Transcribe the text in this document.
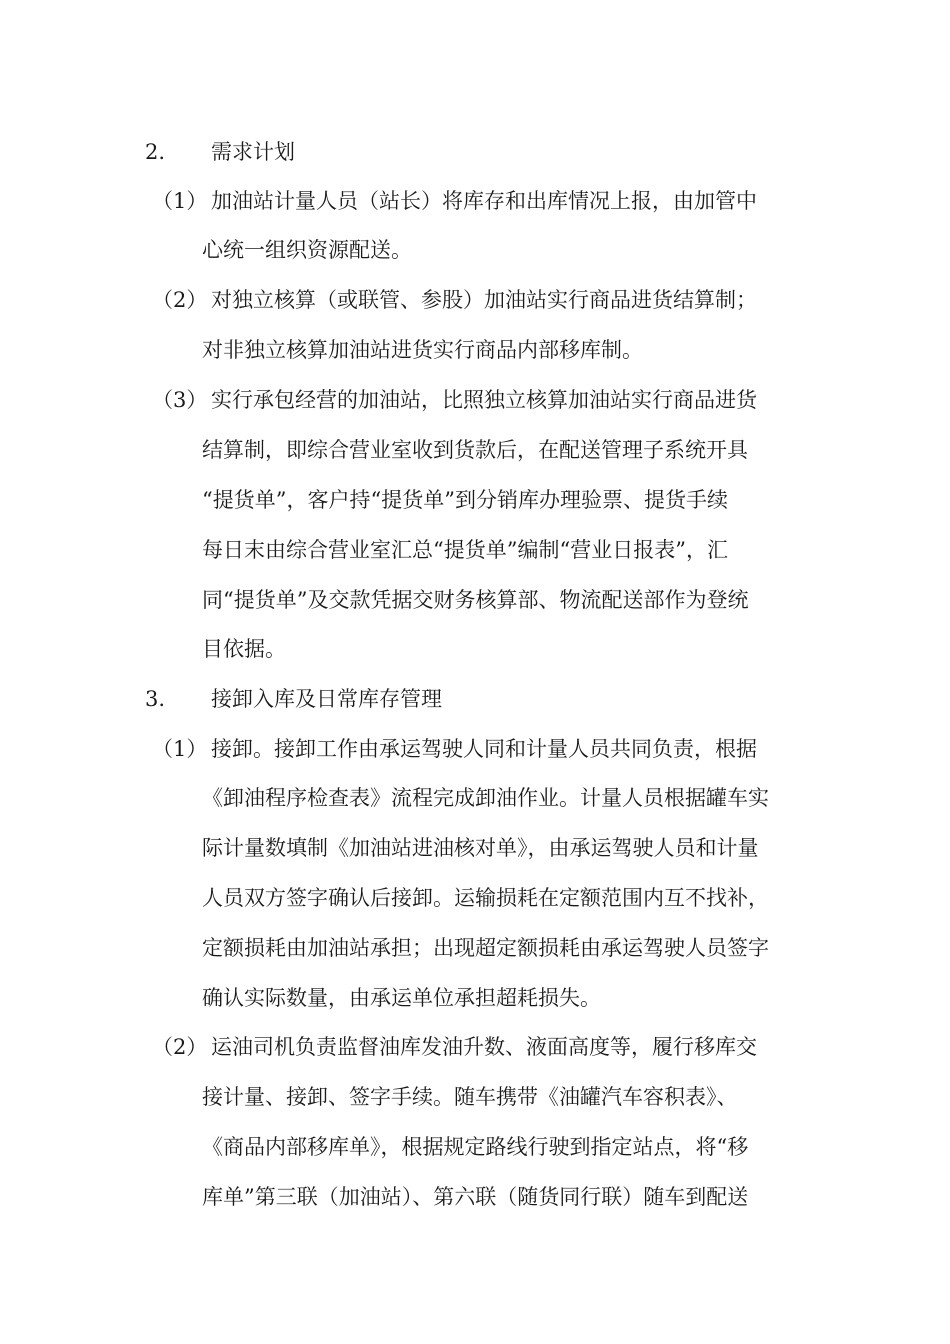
2. 需求计划
（1） 加油站计量人员（站长）将库存和出库情况上报，由加管中
心统一组织资源配送。
（2） 对独立核算（或联管、参股）加油站实行商品进货结算制；
对非独立核算加油站进货实行商品内部移库制。
（3） 实行承包经营的加油站，比照独立核算加油站实行商品进货
结算制，即综合营业室收到货款后，在配送管理子系统开具
“提货单”，客户持“提货单”到分销库办理验票、提货手续
每日末由综合营业室汇总“提货单”编制“营业日报表”，汇
同“提货单”及交款凭据交财务核算部、物流配送部作为登统
目依据。
3. 接卸入库及日常库存管理
（1） 接卸。接卸工作由承运驾驶人同和计量人员共同负责，根据
《卸油程序检查表》流程完成卸油作业。计量人员根据罐车实
际计量数填制《加油站进油核对单》，由承运驾驶人员和计量
人员双方签字确认后接卸。运输损耗在定额范围内互不找补，
定额损耗由加油站承担；出现超定额损耗由承运驾驶人员签字
确认实际数量，由承运单位承担超耗损失。
（2） 运油司机负责监督油库发油升数、液面高度等，履行移库交
接计量、接卸、签字手续。随车携带《油罐汽车容积表》、
《商品内部移库单》，根据规定路线行驶到指定站点，将“移
库单”第三联（加油站）、第六联（随货同行联）随车到配送
